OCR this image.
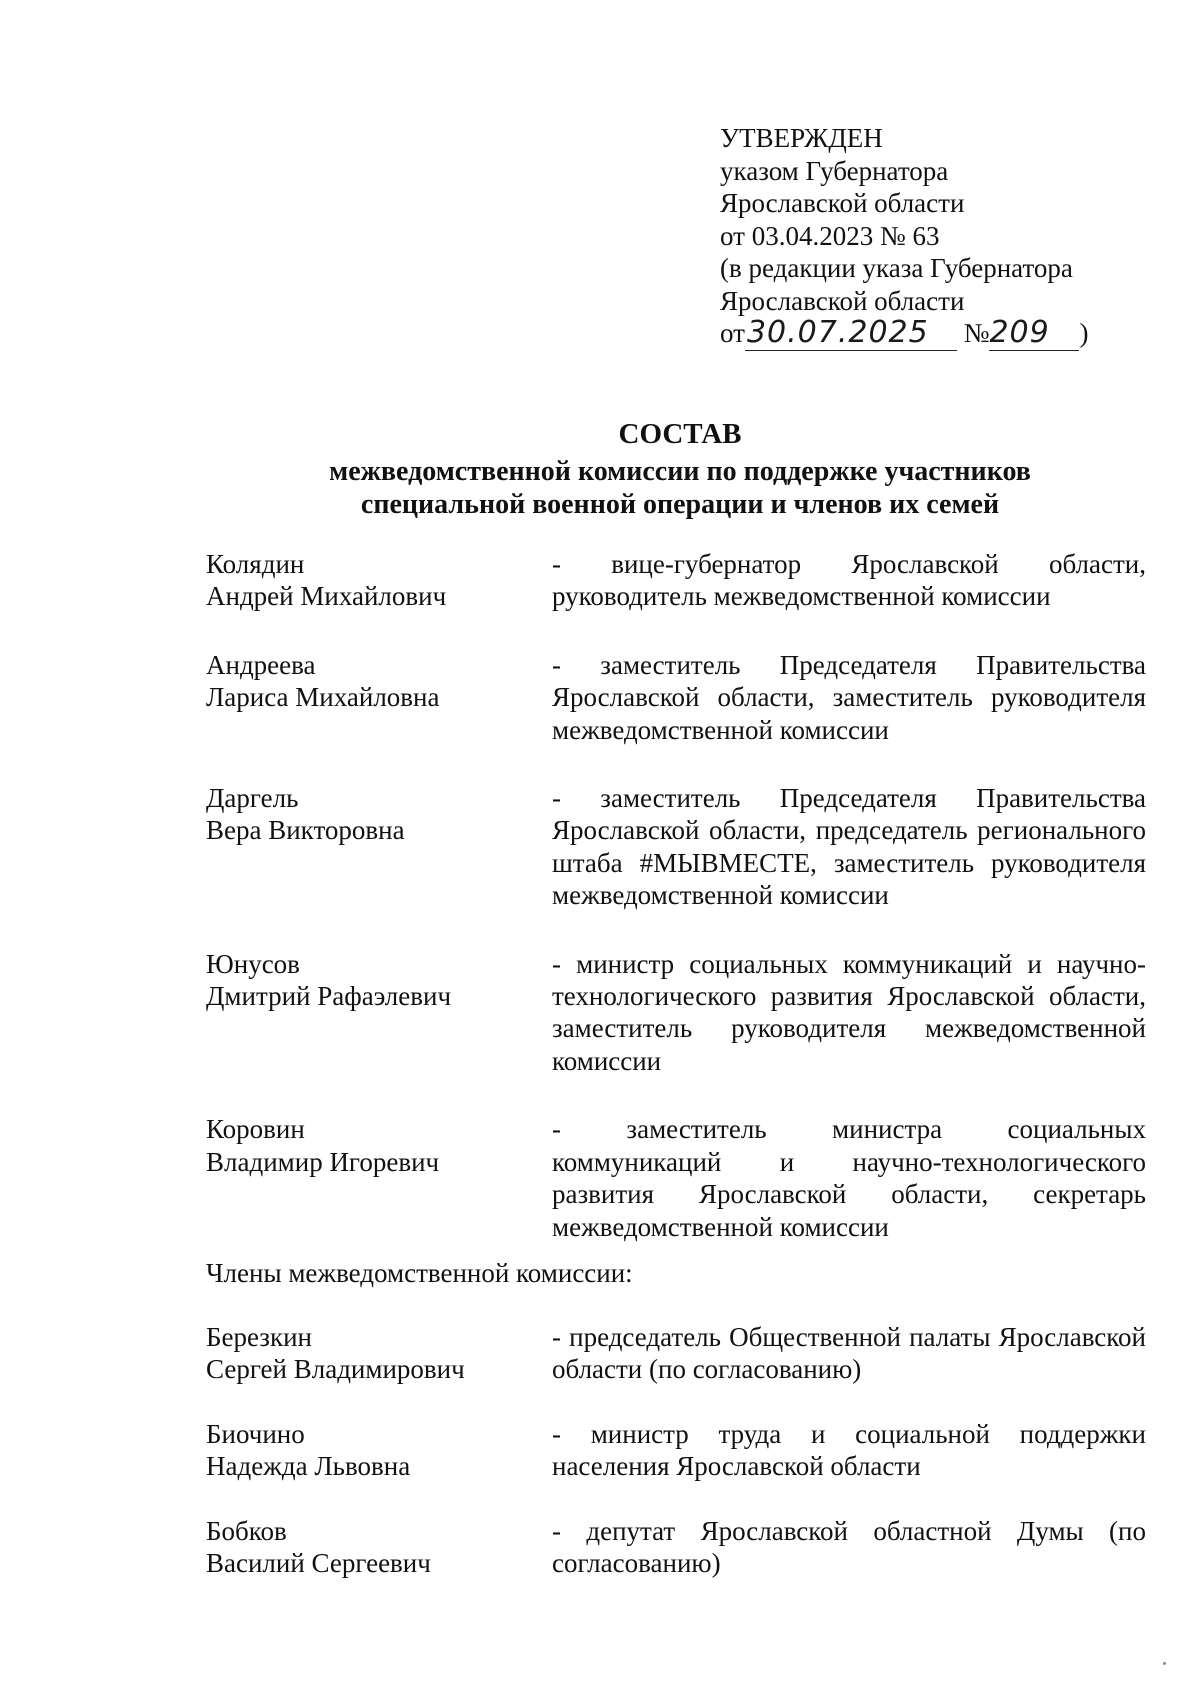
УТВЕРЖДЕН
указом Губернатора
Ярославской области
от 03.04.2023 № 63
(в редакции указа Губернатора
Ярославской области
от30.07.2025 №209 )
СОСТАВ
межведомственной комиссии по поддержке участников
специальной военной операции и членов их семей
Колядин
Андрей Михайлович
- вице-губернатор Ярославской области, руководитель межведомственной комиссии
Андреева
Лариса Михайловна
- заместитель Председателя Правительства Ярославской области, заместитель руководителя межведомственной комиссии
Даргель
Вера Викторовна
- заместитель Председателя Правительства Ярославской области, председатель регионального штаба #МЫВМЕСТЕ, заместитель руководителя межведомственной комиссии
Юнусов
Дмитрий Рафаэлевич
- министр социальных коммуникаций и научно-технологического развития Ярославской области, заместитель руководителя межведомственной комиссии
Коровин
Владимир Игоревич
- заместитель министра социальных коммуникаций и научно-технологического развития Ярославской области, секретарь межведомственной комиссии
Члены межведомственной комиссии:
Березкин
Сергей Владимирович
- председатель Общественной палаты Ярославской области (по согласованию)
Биочино
Надежда Львовна
- министр труда и социальной поддержки населения Ярославской области
Бобков
Василий Сергеевич
- депутат Ярославской областной Думы (по согласованию)
